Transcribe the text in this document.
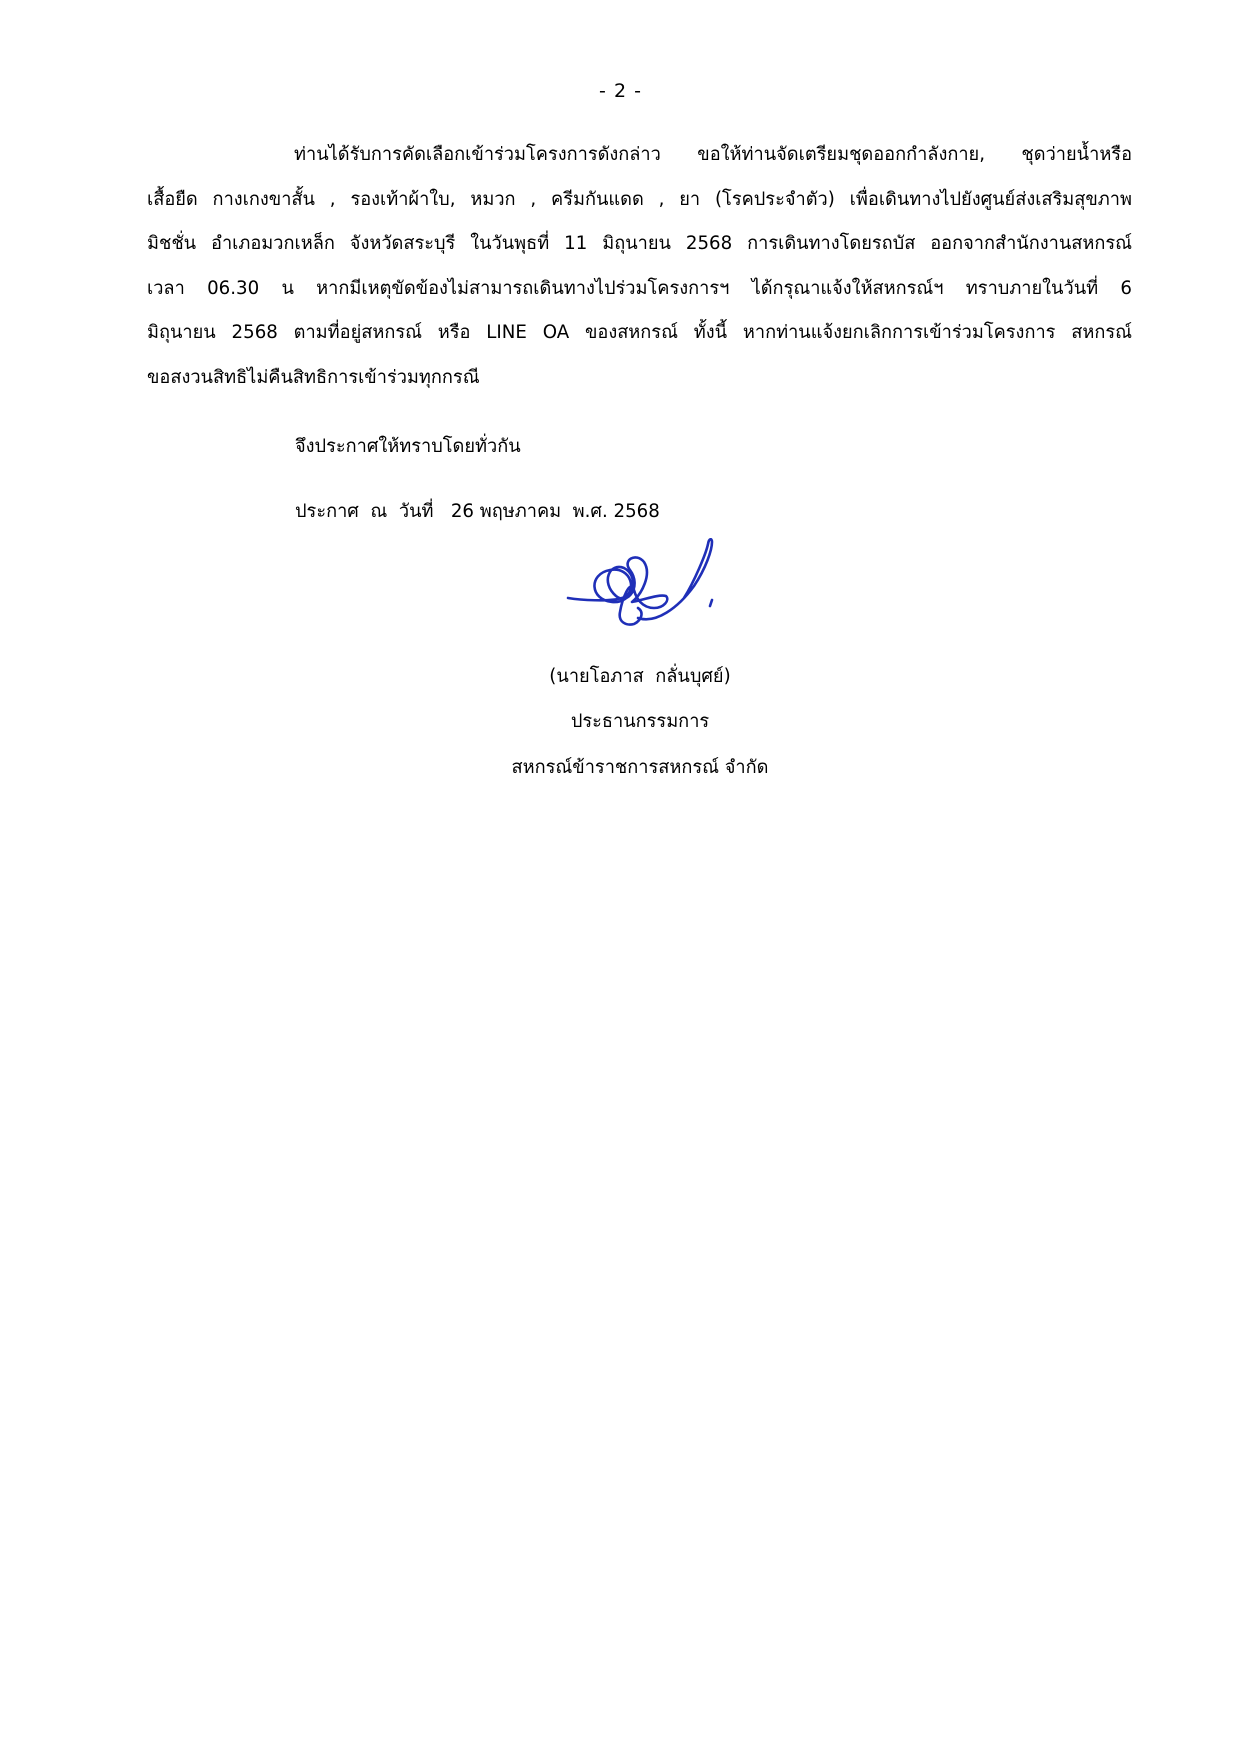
- 2 -
ท่านได้รับการคัดเลือกเข้าร่วมโครงการดังกล่าว ขอให้ท่านจัดเตรียมชุดออกกำลังกาย, ชุดว่ายน้ำหรือ
เสื้อยืด กางเกงขาสั้น , รองเท้าผ้าใบ, หมวก , ครีมกันแดด , ยา (โรคประจำตัว) เพื่อเดินทางไปยังศูนย์ส่งเสริมสุขภาพ
มิชชั่น อำเภอมวกเหล็ก จังหวัดสระบุรี ในวันพุธที่ 11 มิถุนายน 2568 การเดินทางโดยรถบัส ออกจากสำนักงานสหกรณ์
เวลา 06.30 น หากมีเหตุขัดข้องไม่สามารถเดินทางไปร่วมโครงการฯ ได้กรุณาแจ้งให้สหกรณ์ฯ ทราบภายในวันที่ 6
มิถุนายน 2568 ตามที่อยู่สหกรณ์ หรือ LINE OA ของสหกรณ์ ทั้งนี้ หากท่านแจ้งยกเลิกการเข้าร่วมโครงการ สหกรณ์
ขอสงวนสิทธิไม่คืนสิทธิการเข้าร่วมทุกกรณี
จึงประกาศให้ทราบโดยทั่วกัน
ประกาศ  ณ  วันที่   26 พฤษภาคม  พ.ศ. 2568
(นายโอภาส  กลั่นบุศย์)
ประธานกรรมการ
สหกรณ์ข้าราชการสหกรณ์ จำกัด
